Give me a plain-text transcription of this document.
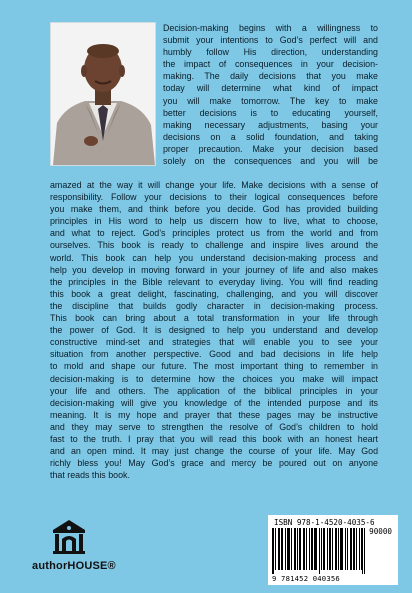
Decision-making begins with a willingness to

submit your intentions to God’s perfect will and

humbly follow His direction, understanding

the impact of consequences in your decision-

making. The daily decisions that you make

today will determine what kind of impact

you will make tomorrow. The key to make

better decisions is to educating yourself,

making necessary adjustments, basing your

decisions on a solid foundation, and taking

proper precaution. Make your decision based

solely on the consequences and you will be

amazed at the way it will change your life. Make decisions with a sense of

responsibility. Follow your decisions to their logical consequences before

you make them, and think before you decide. God has provided building

principles in His word to help us discern how to live, what to choose,

and what to reject. God’s principles protect us from the world and from

ourselves. This book is ready to challenge and inspire lives around the

world. This book can help you understand decision-making process and

help you develop in moving forward in your journey of life and also makes

the principles in the Bible relevant to everyday living. You will find reading

this book a great delight, fascinating, challenging, and you will discover

the discipline that builds godly character in decision-making process.

This book can bring about a total transformation in your life through

the power of God. It is designed to help you understand and develop

constructive mind-set and strategies that will enable you to see your

situation from another perspective. Good and bad decisions in life help

to mold and shape our future. The most important thing to remember in

decision-making is to determine how the choices you make will impact

your life and others. The application of the biblical principles in your

decision-making will give you knowledge of the intended purpose and its

meaning. It is my hope and prayer that these pages may be instructive

and they may serve to strengthen the resolve of God’s children to hold

fast to the truth. I pray that you will read this book with an honest heart

and an open mind. It may just change the course of your life. May God

richly bless you! May God’s grace and mercy be poured out on anyone

that reads this book.

authorHOUSE®
ISBN 978-1-4520-4035-6
90000
9 781452 040356
